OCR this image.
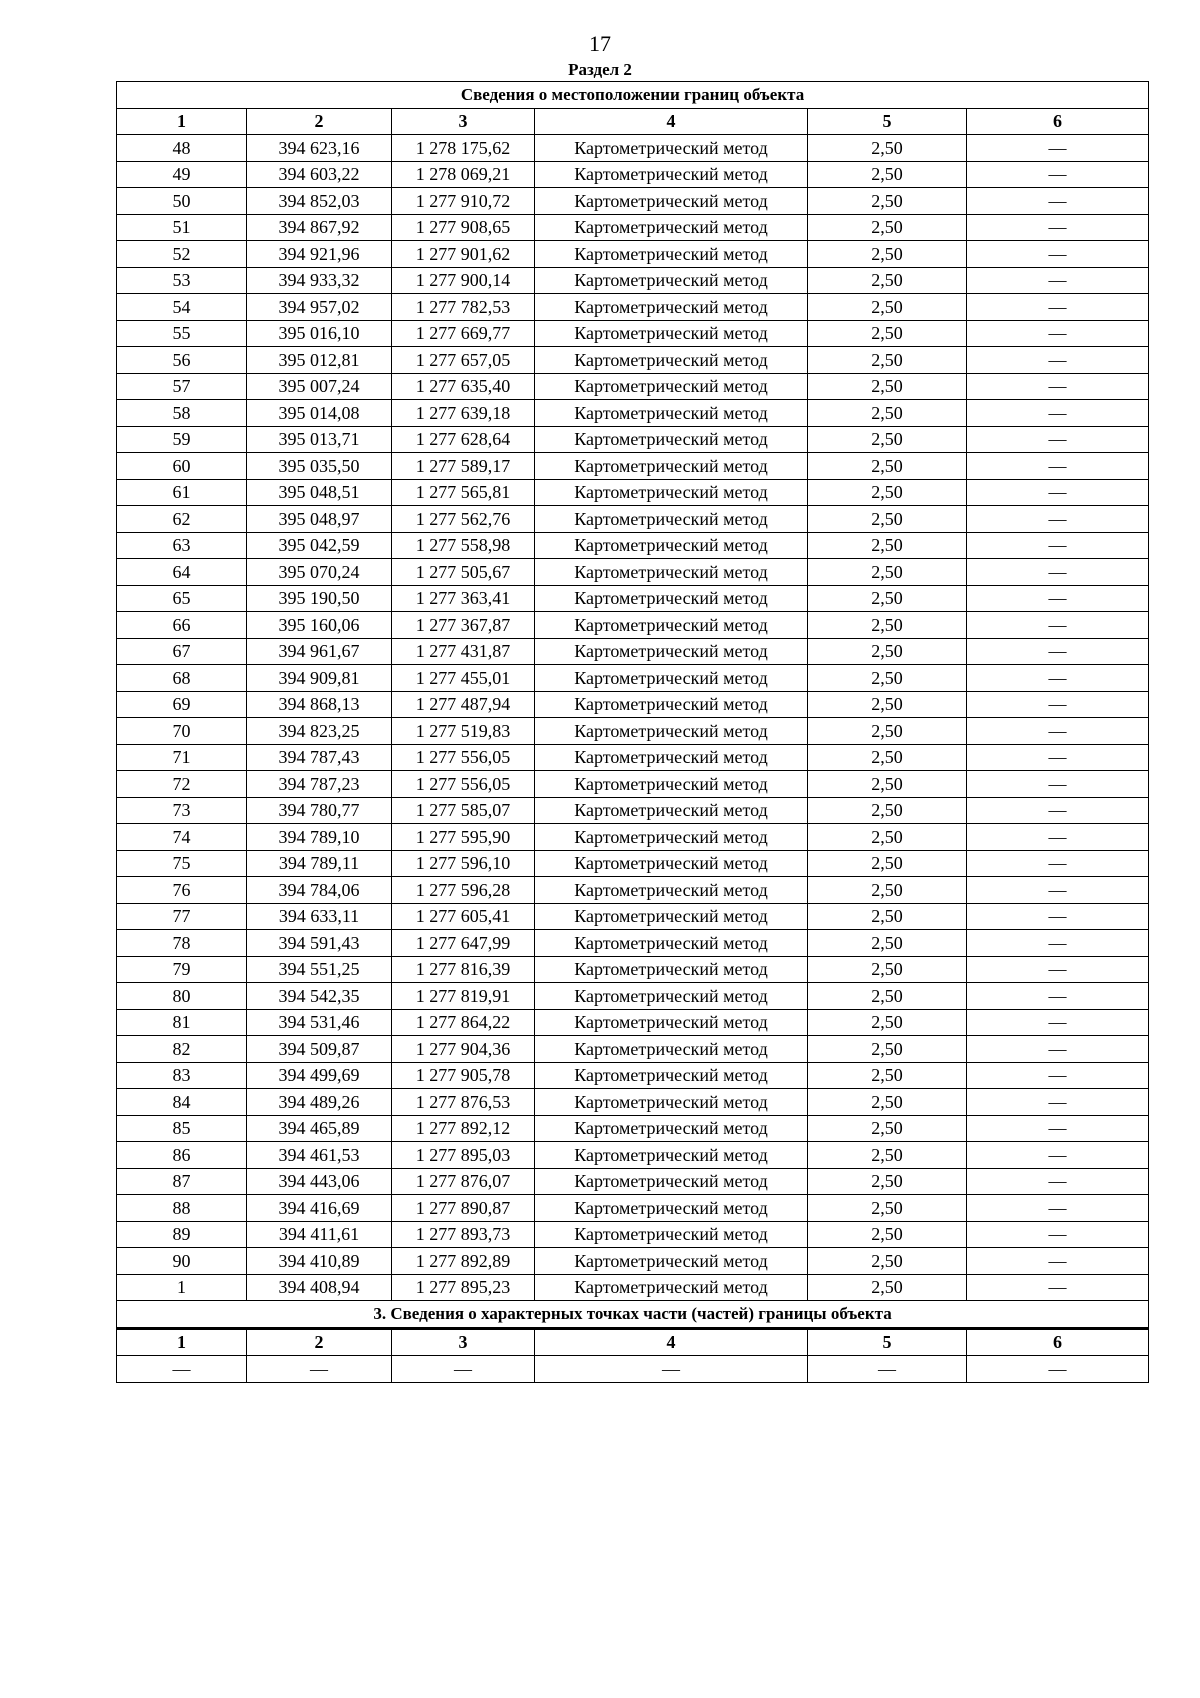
17
Раздел 2
Сведения о местоположении границ объекта					
1	2	3	4	5	6
48	394 623,16	1 278 175,62	Картометрический метод	2,50	—
49	394 603,22	1 278 069,21	Картометрический метод	2,50	—
50	394 852,03	1 277 910,72	Картометрический метод	2,50	—
51	394 867,92	1 277 908,65	Картометрический метод	2,50	—
52	394 921,96	1 277 901,62	Картометрический метод	2,50	—
53	394 933,32	1 277 900,14	Картометрический метод	2,50	—
54	394 957,02	1 277 782,53	Картометрический метод	2,50	—
55	395 016,10	1 277 669,77	Картометрический метод	2,50	—
56	395 012,81	1 277 657,05	Картометрический метод	2,50	—
57	395 007,24	1 277 635,40	Картометрический метод	2,50	—
58	395 014,08	1 277 639,18	Картометрический метод	2,50	—
59	395 013,71	1 277 628,64	Картометрический метод	2,50	—
60	395 035,50	1 277 589,17	Картометрический метод	2,50	—
61	395 048,51	1 277 565,81	Картометрический метод	2,50	—
62	395 048,97	1 277 562,76	Картометрический метод	2,50	—
63	395 042,59	1 277 558,98	Картометрический метод	2,50	—
64	395 070,24	1 277 505,67	Картометрический метод	2,50	—
65	395 190,50	1 277 363,41	Картометрический метод	2,50	—
66	395 160,06	1 277 367,87	Картометрический метод	2,50	—
67	394 961,67	1 277 431,87	Картометрический метод	2,50	—
68	394 909,81	1 277 455,01	Картометрический метод	2,50	—
69	394 868,13	1 277 487,94	Картометрический метод	2,50	—
70	394 823,25	1 277 519,83	Картометрический метод	2,50	—
71	394 787,43	1 277 556,05	Картометрический метод	2,50	—
72	394 787,23	1 277 556,05	Картометрический метод	2,50	—
73	394 780,77	1 277 585,07	Картометрический метод	2,50	—
74	394 789,10	1 277 595,90	Картометрический метод	2,50	—
75	394 789,11	1 277 596,10	Картометрический метод	2,50	—
76	394 784,06	1 277 596,28	Картометрический метод	2,50	—
77	394 633,11	1 277 605,41	Картометрический метод	2,50	—
78	394 591,43	1 277 647,99	Картометрический метод	2,50	—
79	394 551,25	1 277 816,39	Картометрический метод	2,50	—
80	394 542,35	1 277 819,91	Картометрический метод	2,50	—
81	394 531,46	1 277 864,22	Картометрический метод	2,50	—
82	394 509,87	1 277 904,36	Картометрический метод	2,50	—
83	394 499,69	1 277 905,78	Картометрический метод	2,50	—
84	394 489,26	1 277 876,53	Картометрический метод	2,50	—
85	394 465,89	1 277 892,12	Картометрический метод	2,50	—
86	394 461,53	1 277 895,03	Картометрический метод	2,50	—
87	394 443,06	1 277 876,07	Картометрический метод	2,50	—
88	394 416,69	1 277 890,87	Картометрический метод	2,50	—
89	394 411,61	1 277 893,73	Картометрический метод	2,50	—
90	394 410,89	1 277 892,89	Картометрический метод	2,50	—
1	394 408,94	1 277 895,23	Картометрический метод	2,50	—
3. Сведения о характерных точках части (частей) границы объекта					
1	2	3	4	5	6
—	—	—	—	—	—
